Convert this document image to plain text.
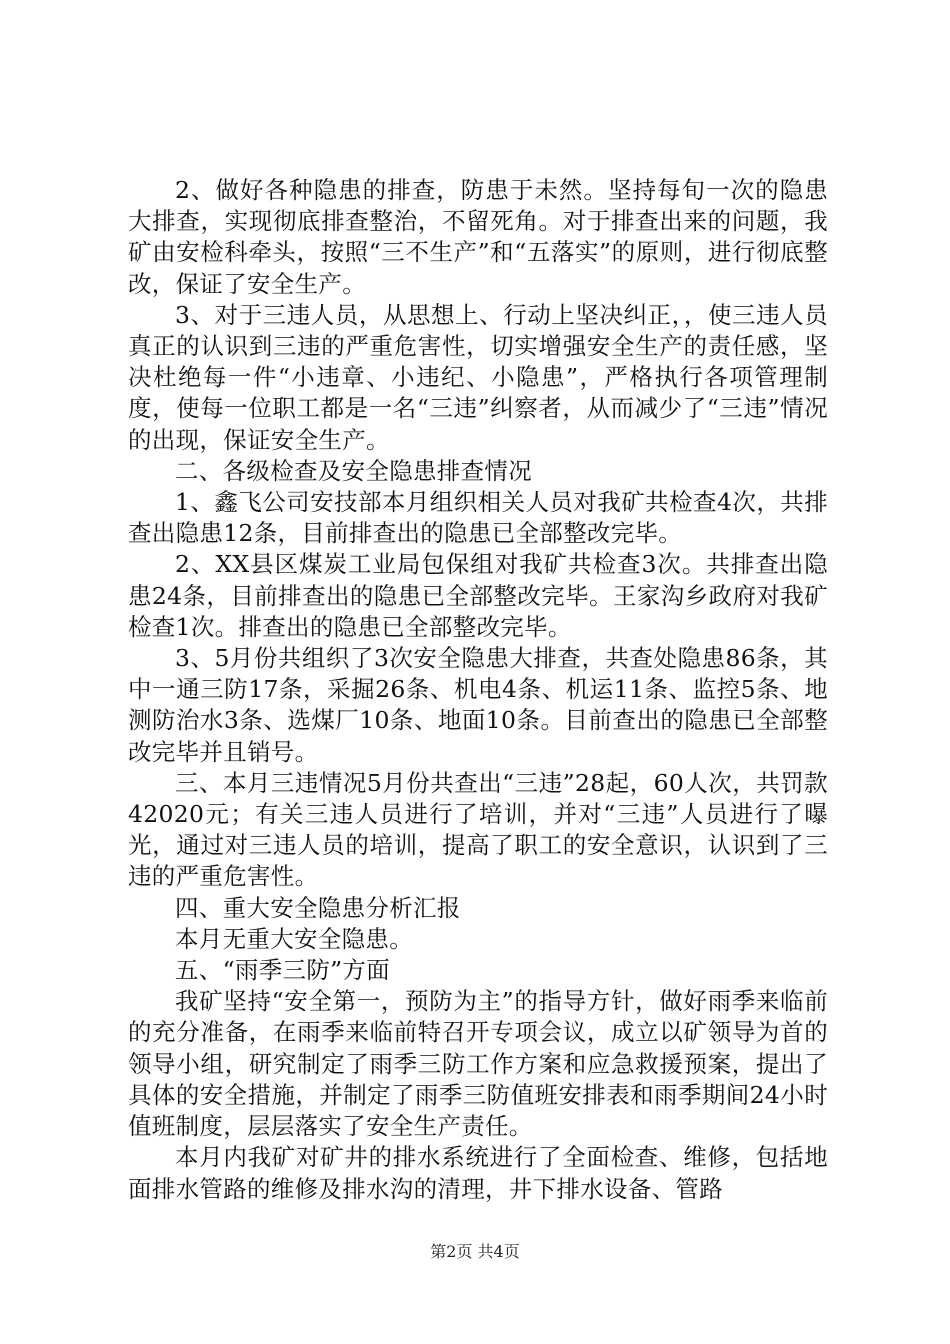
2、做好各种隐患的排查，防患于未然。坚持每旬一次的隐患大排查，实现彻底排查整治，不留死角。对于排查出来的问题，我矿由安检科牵头，按照“三不生产”和“五落实”的原则，进行彻底整改，保证了安全生产。

3、对于三违人员，从思想上、行动上坚决纠正，，使三违人员真正的认识到三违的严重危害性，切实增强安全生产的责任感，坚决杜绝每一件“小违章、小违纪、小隐患”，严格执行各项管理制度，使每一位职工都是一名“三违”纠察者，从而减少了“三违”情况的出现，保证安全生产。

二、各级检查及安全隐患排查情况

1、鑫飞公司安技部本月组织相关人员对我矿共检查4次，共排查出隐患12条，目前排查出的隐患已全部整改完毕。

2、XX县区煤炭工业局包保组对我矿共检查3次。共排查出隐患24条，目前排查出的隐患已全部整改完毕。王家沟乡政府对我矿检查1次。排查出的隐患已全部整改完毕。

3、5月份共组织了3次安全隐患大排查，共查处隐患86条，其中一通三防17条，采掘26条、机电4条、机运11条、监控5条、地测防治水3条、选煤厂10条、地面10条。目前查出的隐患已全部整改完毕并且销号。

三、本月三违情况5月份共查出“三违”28起，60人次，共罚款42020元；有关三违人员进行了培训，并对“三违”人员进行了曝光，通过对三违人员的培训，提高了职工的安全意识，认识到了三违的严重危害性。

四、重大安全隐患分析汇报

本月无重大安全隐患。

五、“雨季三防”方面

我矿坚持“安全第一，预防为主”的指导方针，做好雨季来临前的充分准备，在雨季来临前特召开专项会议，成立以矿领导为首的领导小组，研究制定了雨季三防工作方案和应急救援预案，提出了具体的安全措施，并制定了雨季三防值班安排表和雨季期间24小时值班制度，层层落实了安全生产责任。

本月内我矿对矿井的排水系统进行了全面检查、维修，包括地面排水管路的维修及排水沟的清理，井下排水设备、管路

第2页 共4页
